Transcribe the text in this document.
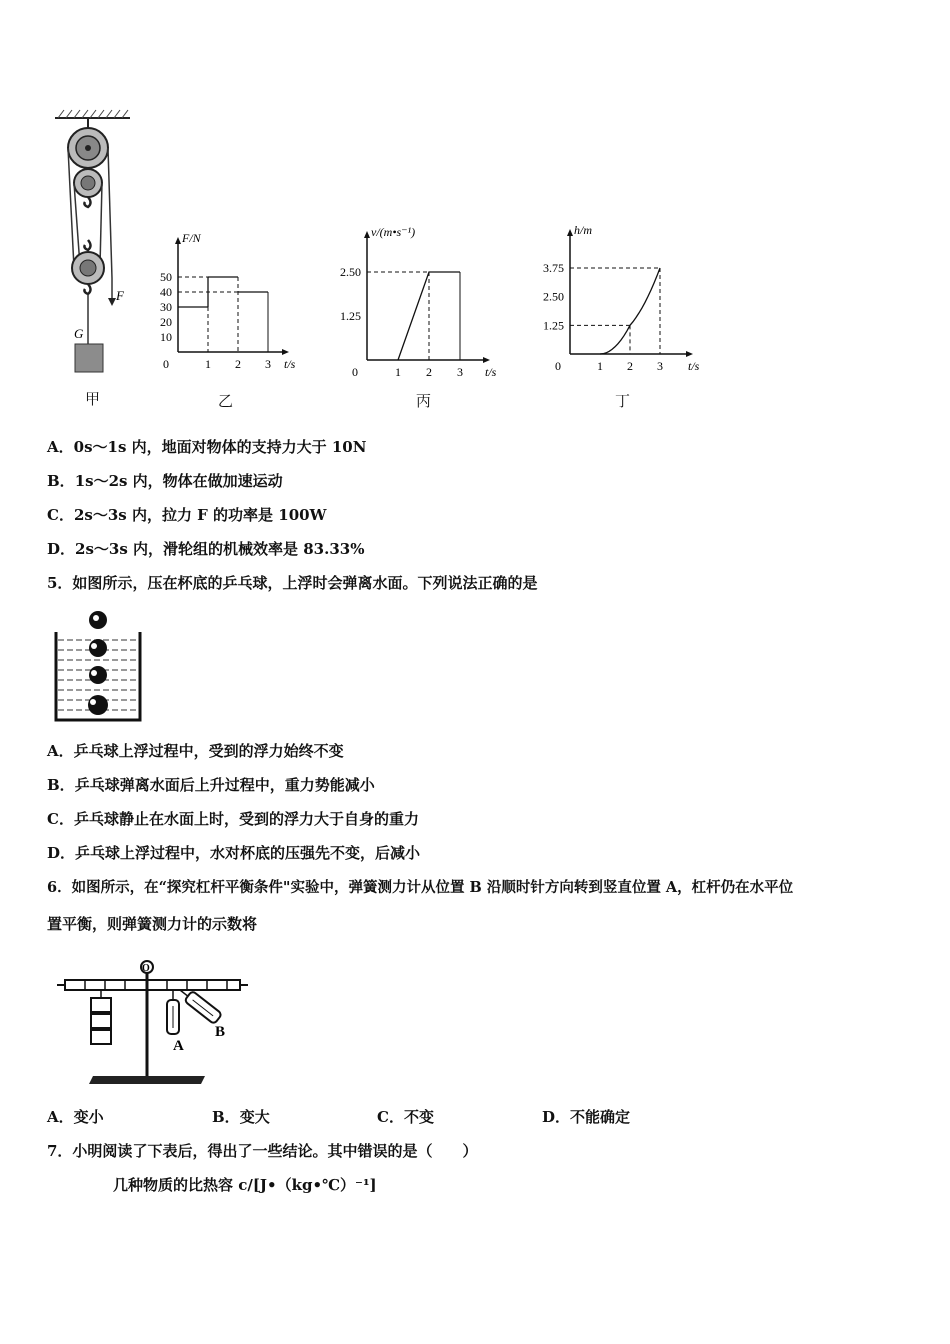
F
G
甲
0	1 2 3 t/s
F/N
10
20
30
40
50
乙
0	1 2 3 t/s
v/(m•s⁻¹)
1.25
2.50
丙
0	1 2 3 t/s
h/m
1.25
2.50
3.75
丁
A．0s～1s 内，地面对物体的支持力大于 10N
B．1s～2s 内，物体在做加速运动
C．2s～3s 内，拉力 F 的功率是 100W
D．2s～3s 内，滑轮组的机械效率是 83.33%
5．如图所示，压在杯底的乒乓球，上浮时会弹离水面。下列说法正确的是
A．乒乓球上浮过程中，受到的浮力始终不变
B．乒乓球弹离水面后上升过程中，重力势能减小
C．乒乓球静止在水面上时，受到的浮力大于自身的重力
D．乒乓球上浮过程中，水对杯底的压强先不变，后减小
6．如图所示，在“探究杠杆平衡条件"实验中，弹簧测力计从位置 B 沿顺时针方向转到竖直位置 A，杠杆仍在水平位
置平衡，则弹簧测力计的示数将
O
A
B
A．变小	B．变大	C．不变	D．不能确定
7．小明阅读了下表后，得出了一些结论。其中错误的是（　　）
几种物质的比热容 c/[J•（kg•℃）⁻¹]
